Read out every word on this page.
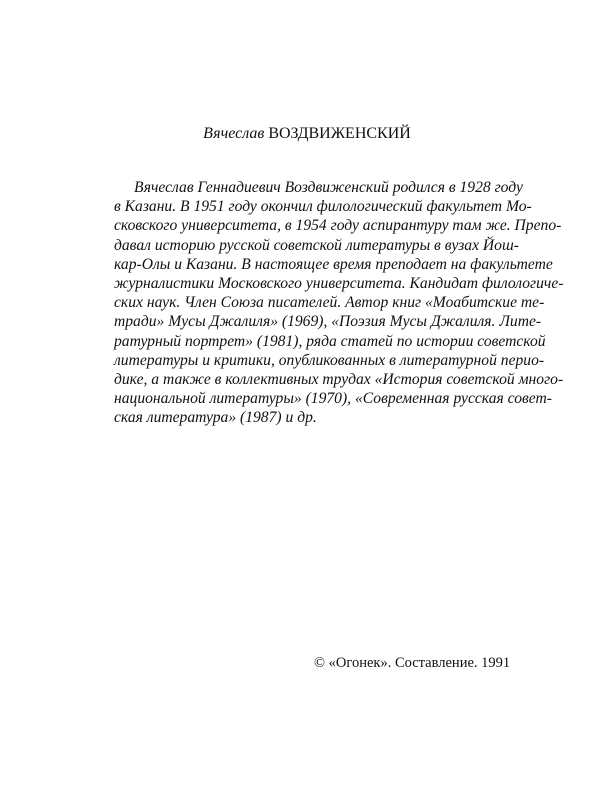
Вячеслав ВОЗДВИЖЕНСКИЙ
Вячеслав Геннадиевич Воздвиженский родился в 1928 году
в Казани. В 1951 году окончил филологический факультет Мо-
сковского университета, в 1954 году аспирантуру там же. Препо-
давал историю русской советской литературы в вузах Йош-
кар-Олы и Казани. В настоящее время преподает на факультете
журналистики Московского университета. Кандидат филологиче-
ских наук. Член Союза писателей. Автор книг «Моабитские те-
тради» Мусы Джалиля» (1969), «Поэзия Мусы Джалиля. Лите-
ратурный портрет» (1981), ряда статей по истории советской
литературы и критики, опубликованных в литературной перио-
дике, а также в коллективных трудах «История советской много-
национальной литературы» (1970), «Современная русская совет-
ская литература» (1987) и др.
© «Огонек». Составление. 1991
